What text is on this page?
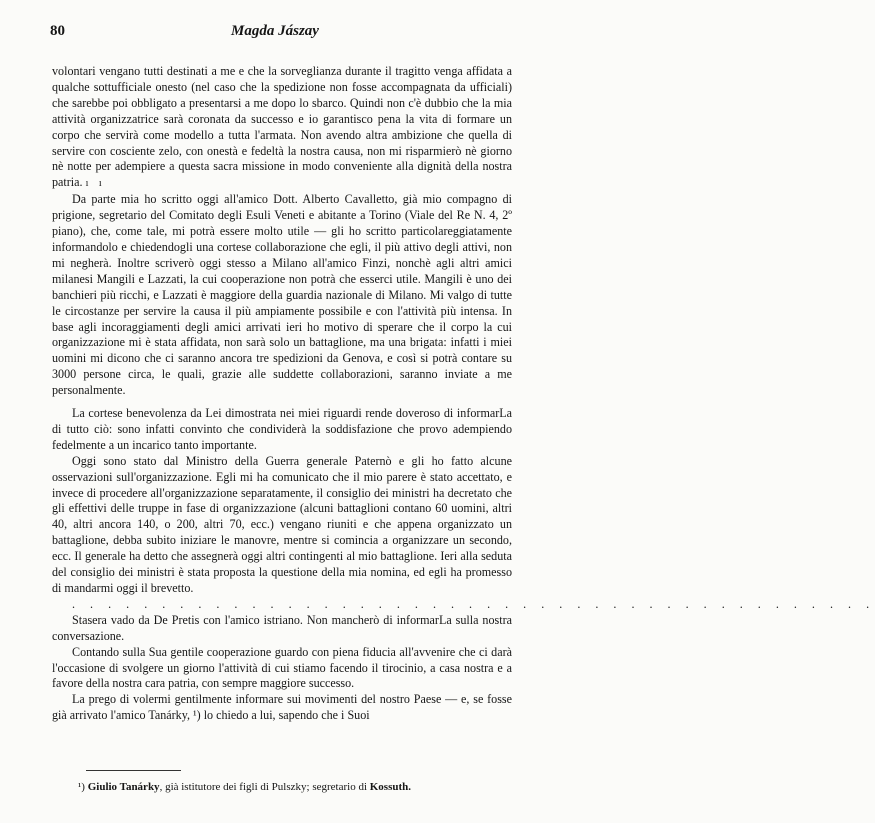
80	Magda Jászay

volontari vengano tutti destinati a me e che la sorveglianza durante il tragitto venga affidata a qualche sottufficiale onesto (nel caso che la spedizione non fosse accompagnata da ufficiali) che sarebbe poi obbligato a presentarsi a me dopo lo sbarco. Quindi non c'è dubbio che la mia attività organizzatrice sarà coronata da successo e io garantisco pena la vita di formare un corpo che servirà come modello a tutta l'armata. Non avendo altra ambizione che quella di servire con cosciente zelo, con onestà e fedeltà la nostra causa, non mi risparmierò nè giorno nè notte per adempiere a questa sacra missione in modo conveniente alla dignità della nostra patria. ı ı

Da parte mia ho scritto oggi all'amico Dott. Alberto Cavalletto, già mio compagno di prigione, segretario del Comitato degli Esuli Veneti e abitante a Torino (Viale del Re N. 4, 2º piano), che, come tale, mi potrà essere molto utile — gli ho scritto particolareggiatamente informandolo e chiedendogli una cortese collaborazione che egli, il più attivo degli attivi, non mi negherà. Inoltre scriverò oggi stesso a Milano all'amico Finzi, nonchè agli altri amici milanesi Mangili e Lazzati, la cui cooperazione non potrà che esserci utile. Mangili è uno dei banchieri più ricchi, e Lazzati è maggiore della guardia nazionale di Milano. Mi valgo di tutte le circostanze per servire la causa il più ampiamente possibile e con l'attività più intensa. In base agli incoraggiamenti degli amici arrivati ieri ho motivo di sperare che il corpo la cui organizzazione mi è stata affidata, non sarà solo un battaglione, ma una brigata: infatti i miei uomini mi dicono che ci saranno ancora tre spedizioni da Genova, e così si potrà contare su 3000 persone circa, le quali, grazie alle suddette collaborazioni, saranno inviate a me personalmente.

La cortese benevolenza da Lei dimostrata nei miei riguardi rende doveroso di informarLa di tutto ciò: sono infatti convinto che condividerà la soddisfazione che provo adempiendo fedelmente a un incarico tanto importante.

Oggi sono stato dal Ministro della Guerra generale Paternò e gli ho fatto alcune osservazioni sull'organizzazione. Egli mi ha comunicato che il mio parere è stato accettato, e invece di procedere all'organizzazione separatamente, il consiglio dei ministri ha decretato che gli effettivi delle truppe in fase di organizzazione (alcuni battaglioni contano 60 uomini, altri 40, altri ancora 140, o 200, altri 70, ecc.) vengano riuniti e che appena organizzato un battaglione, debba subito iniziare le manovre, mentre si comincia a organizzare un secondo, ecc. Il generale ha detto che assegnerà oggi altri contingenti al mio battaglione. Ieri alla seduta del consiglio dei ministri è stata proposta la questione della mia nomina, ed egli ha promesso di mandarmi oggi il brevetto.

. . . . . . . . . . . . . . . . . . . . . . . . . . . . . . . . . . . . . . . . . . . . .

Stasera vado da De Pretis con l'amico istriano. Non mancherò di informarLa sulla nostra conversazione.

Contando sulla Sua gentile cooperazione guardo con piena fiducia all'avvenire che ci darà l'occasione di svolgere un giorno l'attività di cui stiamo facendo il tirocinio, a casa nostra e a favore della nostra cara patria, con sempre maggiore successo.

La prego di volermi gentilmente informare sui movimenti del nostro Paese — e, se fosse già arrivato l'amico Tanárky, ¹) lo chiedo a lui, sapendo che i Suoi

¹) Giulio Tanárky, già istitutore dei figli di Pulszky; segretario di Kossuth.
